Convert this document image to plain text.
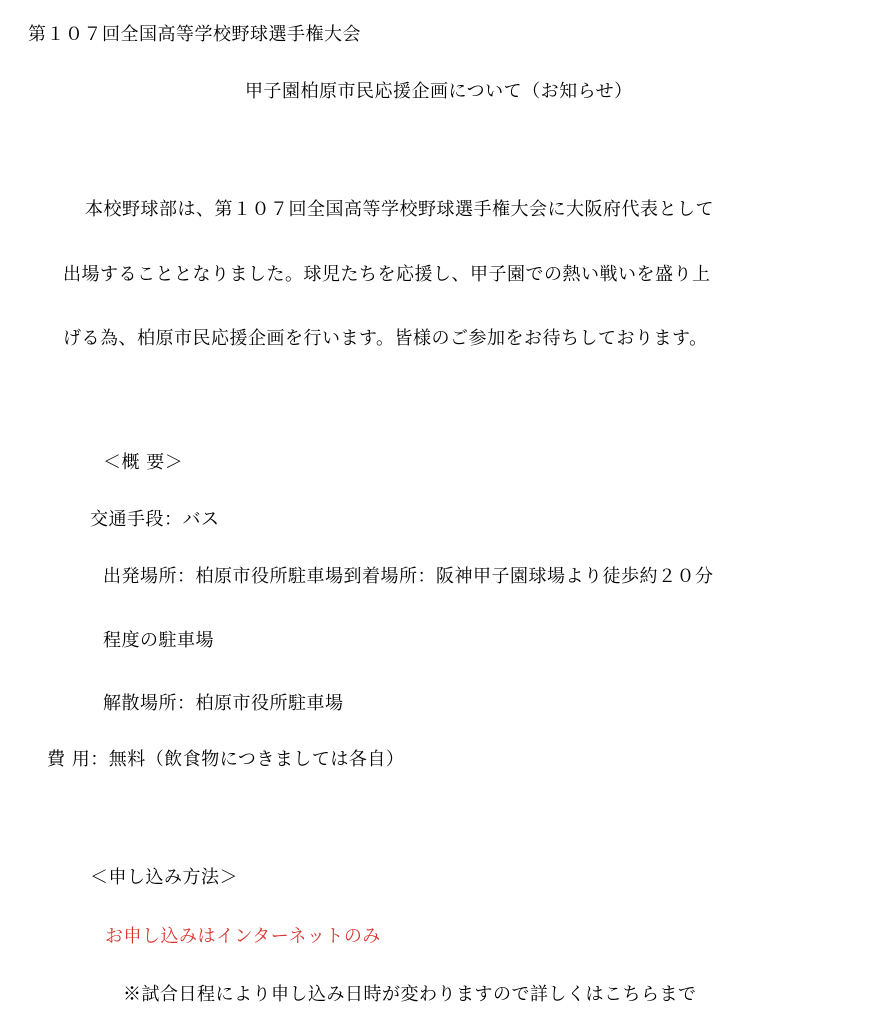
第１０７回全国高等学校野球選手権大会
甲子園柏原市民応援企画について（お知らせ）
本校野球部は、第１０７回全国高等学校野球選手権大会に大阪府代表として
出場することとなりました。球児たちを応援し、甲子園での熱い戦いを盛り上
げる為、柏原市民応援企画を行います。皆様のご参加をお待ちしております。
＜概 要＞
交通手段：バス
出発場所：柏原市役所駐車場到着場所：阪神甲子園球場より徒歩約２０分
程度の駐車場
解散場所：柏原市役所駐車場
費 用：無料（飲食物につきましては各自）
＜申し込み方法＞
お申し込みはインターネットのみ
※試合日程により申し込み日時が変わりますので詳しくはこちらまで
